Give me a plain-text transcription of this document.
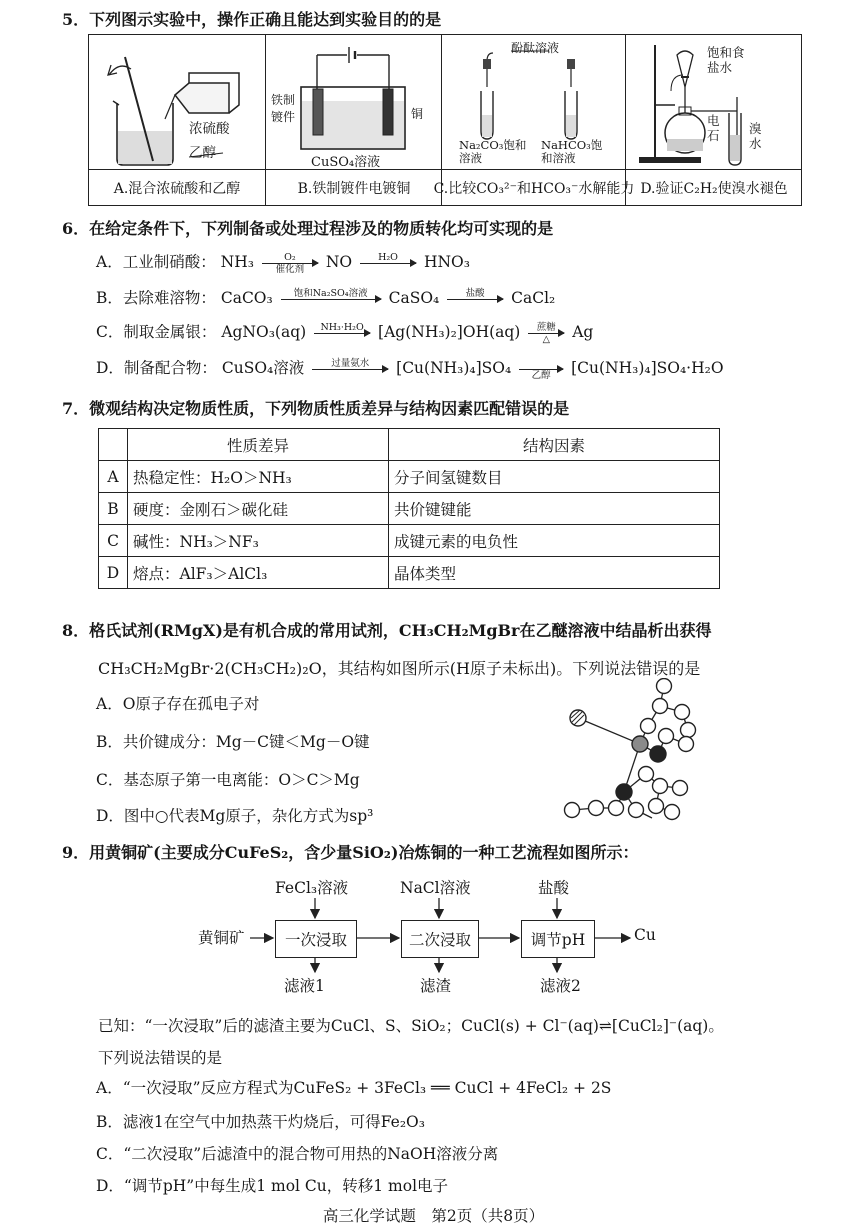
5．下列图示实验中，操作正确且能达到实验目的的是
浓硫酸
乙醇
铁制镀件	铜
CuSO₄溶液
酚酞溶液
Na₂CO₃饱和溶液
NaHCO₃饱和溶液
饱和食盐水
电石 溴水
A.混合浓硫酸和乙醇	B.铁制镀件电镀铜	C.比较CO₃²⁻和HCO₃⁻水解能力 D.验证C₂H₂使溴水褪色
6．在给定条件下，下列制备或处理过程涉及的物质转化均可实现的是
A．工业制硝酸： NH₃	O₂
催化剂 NO	H₂O
HNO₃
B．去除难溶物： CaCO₃ 饱和Na₂SO₄溶液
CaSO₄	盐酸
CaCl₂
C．制取金属银： AgNO₃(aq) NH₃·H₂O
[Ag(NH₃)₂]OH(aq) 蔗糖
△ Ag
D．制备配合物： CuSO₄溶液	过量氨水
[Cu(NH₃)₄]SO₄
乙醇 [Cu(NH₃)₄]SO₄·H₂O
7．微观结构决定物质性质，下列物质性质差异与结构因素匹配错误的是
	性质差异	结构因素
A	热稳定性：H₂O＞NH₃	分子间氢键数目
B	硬度：金刚石＞碳化硅	共价键键能
C	碱性：NH₃＞NF₃	成键元素的电负性
D	熔点：AlF₃＞AlCl₃	晶体类型
8．格氏试剂(RMgX)是有机合成的常用试剂，CH₃CH₂MgBr在乙醚溶液中结晶析出获得
CH₃CH₂MgBr·2(CH₃CH₂)₂O，其结构如图所示(H原子未标出)。下列说法错误的是
A．O原子存在孤电子对
B．共价键成分：Mg－C键＜Mg－O键
C．基态原子第一电离能：O＞C＞Mg
D．图中○代表Mg原子，杂化方式为sp³
9．用黄铜矿(主要成分CuFeS₂，含少量SiO₂)冶炼铜的一种工艺流程如图所示：
FeCl₃溶液	NaCl溶液	盐酸
黄铜矿	一次浸取	二次浸取	调节pH	Cu
滤液1	滤渣	滤液2
已知：“一次浸取”后的滤渣主要为CuCl、S、SiO₂；CuCl(s) + Cl⁻(aq)⇌[CuCl₂]⁻(aq)。
下列说法错误的是
A．“一次浸取”反应方程式为CuFeS₂ + 3FeCl₃ ══ CuCl + 4FeCl₂ + 2S
B．滤液1在空气中加热蒸干灼烧后，可得Fe₂O₃
C．“二次浸取”后滤渣中的混合物可用热的NaOH溶液分离
D．“调节pH”中每生成1 mol Cu，转移1 mol电子
高三化学试题　第2页（共8页）
